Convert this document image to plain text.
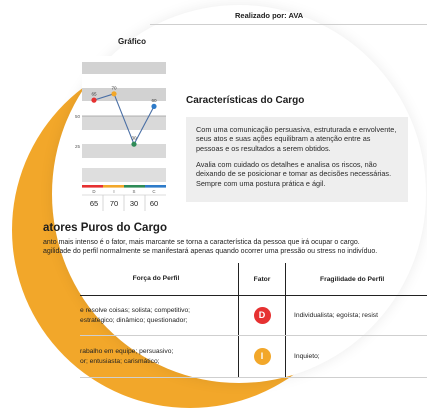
Realizado por: AVA
Gráfico
50
25
65
70
30
60
D	I	S	C
65 70 30 60
Características do Cargo

Com uma comunicação persuasiva, estruturada e envolvente, seus atos e suas ações equilibram a atenção entre as pessoas e os resultados a serem obtidos.

Avalia com cuidado os detalhes e analisa os riscos, não deixando de se posicionar e tomar as decisões necessárias. Sempre com uma postura prática e ágil.

atores Puros do Cargo
anto mais intenso é o fator, mais marcante se torna a característica da pessoa que irá ocupar o cargo.
agilidade do perfil normalmente se manifestará apenas quando ocorrer uma pressão ou stress no indivíduo.
Força do Perfil	Fator	Fragilidade do Perfil

e resolve coisas; solista; competitivo;
estratégico; dinâmico; questionador;	D	Individualista; egoísta; resist

rabalho em equipe; persuasivo;
or; entusiasta; carismático;	I	Inquieto;
